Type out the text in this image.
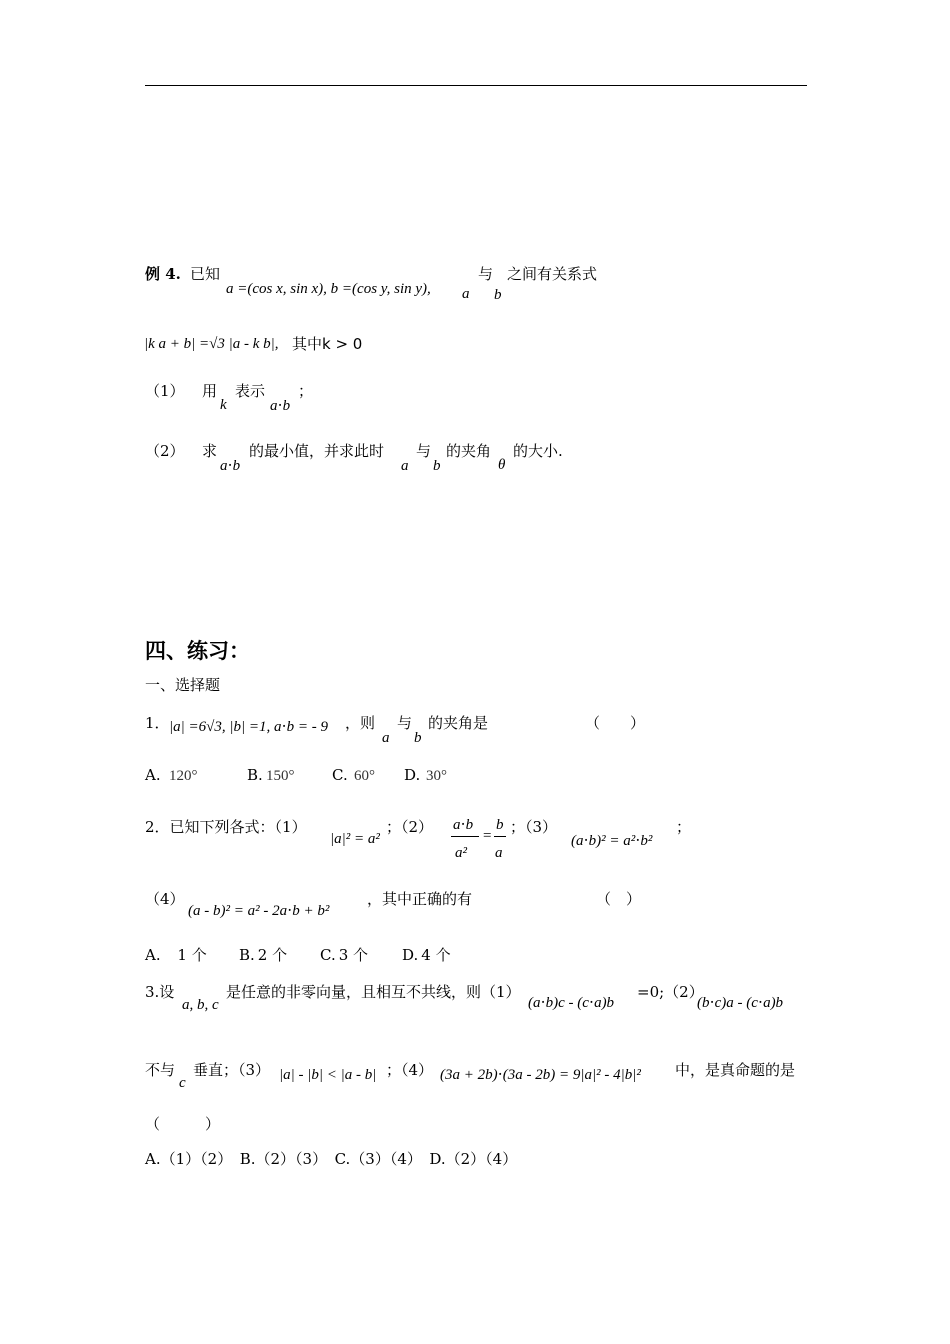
例 4. 已知
a =(cos x, sin x), b =(cos y, sin y), a
与
b
之间有关系式
|k a + b| =√3 |a - k b|, 其中k > 0
（1） 用
k
表示
a⋅b
；
（2） 求
a⋅b
的最小值，并求此时
a
与
b
的夹角
θ
的大小.
四、练习：
一、选择题
1． |a| =6√3, |b| =1, a⋅b = - 9 ，则
a
与
b
的夹角是	（　　）
A. 120°	B. 150°	C. 60° D. 30°
2．已知下列各式：（1）
|a|² = a²
；（2） a⋅b
a²
=
b
a
；（3）
(a⋅b)² = a²⋅b²
；
（4）
(a - b)² = a² - 2a⋅b + b²
，其中正确的有	（　）
A. 1 个 B. 2 个 C. 3 个 D. 4 个
3.设
a, b, c
是任意的非零向量，且相互不共线，则（1）
(a⋅b)c - (c⋅a)b
=0;（2）
(b⋅c)a - (c⋅a)b
不与
c
垂直；（3） |a| - |b| < |a - b| ；（4） (3a + 2b)⋅(3a - 2b) = 9|a|² - 4|b|² 中，是真命题的是
（　　　）
A.（1）（2）　B.（2）（3）　C.（3）（4）　D.（2）（4）
